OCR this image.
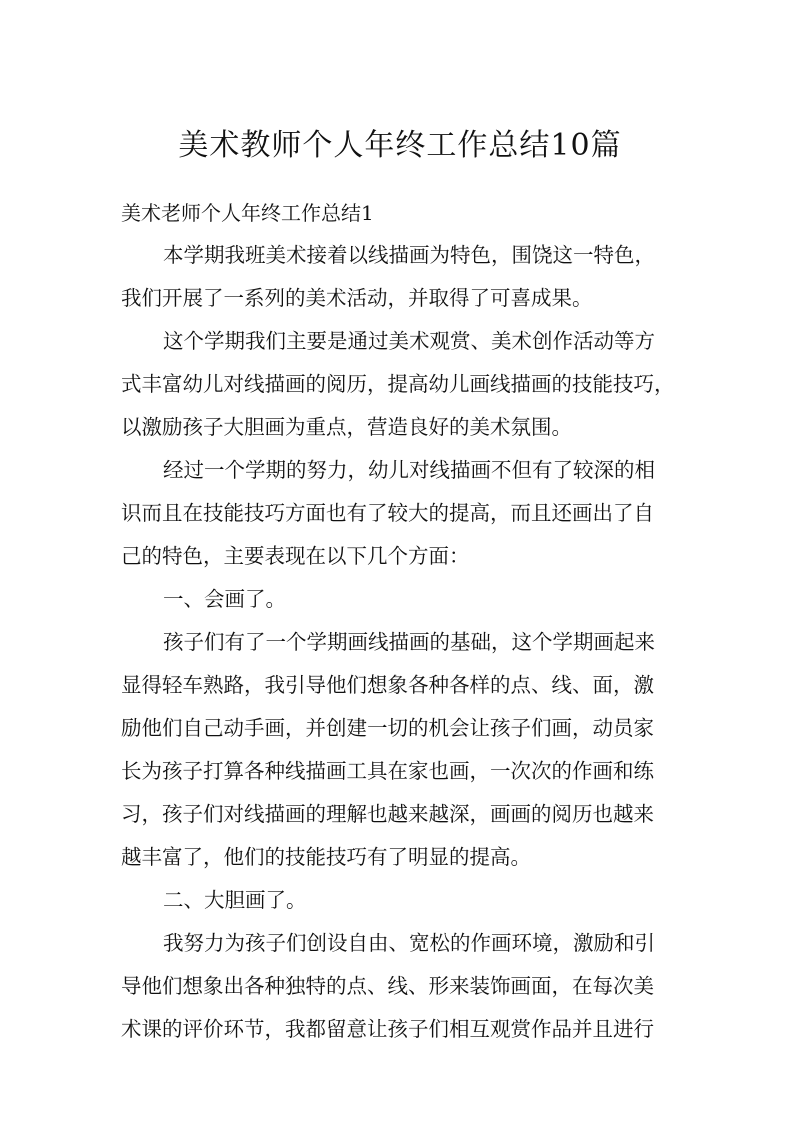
美术教师个人年终工作总结10篇
美术老师个人年终工作总结1
本学期我班美术接着以线描画为特色，围饶这一特色，
我们开展了一系列的美术活动，并取得了可喜成果。
这个学期我们主要是通过美术观赏、美术创作活动等方
式丰富幼儿对线描画的阅历，提高幼儿画线描画的技能技巧，
以激励孩子大胆画为重点，营造良好的美术氛围。
经过一个学期的努力，幼儿对线描画不但有了较深的相
识而且在技能技巧方面也有了较大的提高，而且还画出了自
己的特色，主要表现在以下几个方面：
一、会画了。
孩子们有了一个学期画线描画的基础，这个学期画起来
显得轻车熟路，我引导他们想象各种各样的点、线、面，激
励他们自己动手画，并创建一切的机会让孩子们画，动员家
长为孩子打算各种线描画工具在家也画，一次次的作画和练
习，孩子们对线描画的理解也越来越深，画画的阅历也越来
越丰富了，他们的技能技巧有了明显的提高。
二、大胆画了。
我努力为孩子们创设自由、宽松的作画环境，激励和引
导他们想象出各种独特的点、线、形来装饰画面，在每次美
术课的评价环节，我都留意让孩子们相互观赏作品并且进行
